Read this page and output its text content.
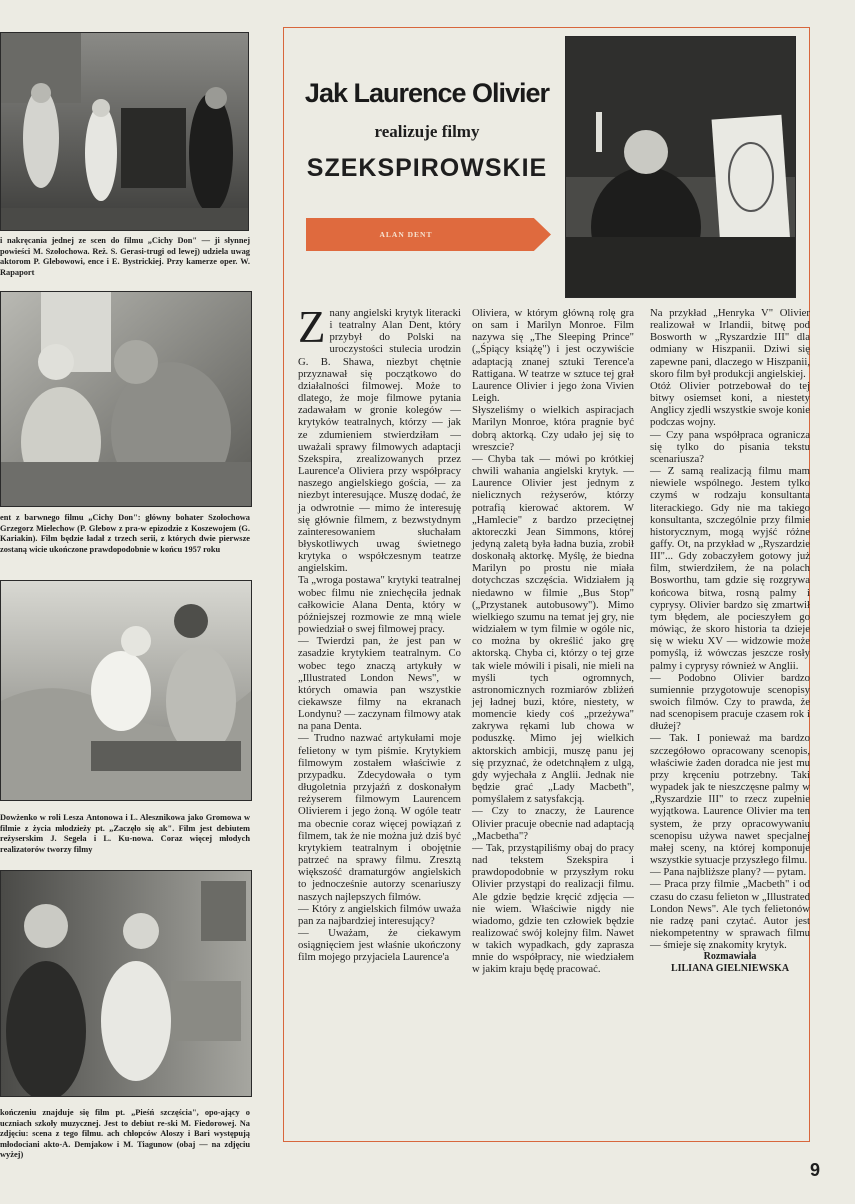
i nakręcania jednej ze scen do filmu „Cichy Don" — ji słynnej powieści M. Szołochowa. Reż. S. Gerasi-trugi od lewej) udziela uwag aktorom P. Glebowowi, ence i E. Bystrickiej. Przy kamerze oper. W. Rapaport

ent z barwnego filmu „Cichy Don": główny bohater Szołochowa Grzegorz Mielechow (P. Glebow z pra-w epizodzie z Koszewojem (G. Kariakin). Film będzie ładał z trzech serii, z których dwie pierwsze zostaną wicie ukończone prawdopodobnie w końcu 1957 roku

Dowżenko w roli Leszа Antonowa i L. Alesznikowa jako Gromowa w filmie z życia młodzieży pt. „Zaczęło się ak". Film jest debiutem reżyserskim J. Segela i L. Ku-nowa. Coraz więcej młodych realizatorów tworzy filmy

kończeniu znajduje się film pt. „Pieśń szczęścia", opo-ający o uczniach szkoły muzycznej. Jest to debiut re-ski M. Fiedorowej. Na zdjęciu: scena z tego filmu. ach chłopców Aloszy i Bari występują młodociani akto-A. Demjakow i M. Tiagunow (obaj — na zdjęciu wyżej)

Jak Laurence Olivier
realizuje filmy
SZEKSPIROWSKIE

ALAN DENT

Z nany angielski krytyk literacki i teatralny Alan Dent, który przybył do Polski na uroczystości stulecia urodzin G. B. Shawa, niezbyt chętnie przyznawał się początkowo do działalności filmowej. Może to dlatego, że moje filmowe pytania zadawałam w gronie kolegów — krytyków teatralnych, którzy — jak ze zdumieniem stwierdziłam — uważali sprawy filmowych adaptacji Szekspira, zrealizowanych przez Laurence'a Oliviera przy współpracy naszego angielskiego gościa, — za niezbyt interesujące. Muszę dodać, że ja odwrotnie — mimo że interesuję się głównie filmem, z bezwstydnym zainteresowaniem słuchałam błyskotliwych uwag świetnego krytyka o współczesnym teatrze angielskim.

Ta „wroga postawa" krytyki teatralnej wobec filmu nie zniechęciła jednak całkowicie Alana Denta, który w późniejszej rozmowie ze mną wiele powiedział o swej filmowej pracy.

— Twierdzi pan, że jest pan w zasadzie krytykiem teatralnym. Co wobec tego znaczą artykuły w „Illustrated London News", w których omawia pan wszystkie ciekawsze filmy na ekranach Londynu? — zaczynam filmowy atak na pana Denta.

— Trudno nazwać artykułami moje felietony w tym piśmie. Krytykiem filmowym zostałem właściwie z przypadku. Zdecydowała o tym długoletnia przyjaźń z doskonałym reżyserem filmowym Laurencem Olivierem i jego żoną. W ogóle teatr ma obecnie coraz więcej powiązań z filmem, tak że nie można już dziś być krytykiem teatralnym i obojętnie patrzeć na sprawy filmu. Zresztą większość dramaturgów angielskich to jednocześnie autorzy scenariuszy naszych najlepszych filmów.

— Który z angielskich filmów uważa pan za najbardziej interesujący?

— Uważam, że ciekawym osiągnięciem jest właśnie ukończony film mojego przyjaciela Laurence'a

Oliviera, w którym główną rolę gra on sam i Marilyn Monroe. Film nazywa się „The Sleeping Prince" („Śpiący książę") i jest oczywiście adaptacją znanej sztuki Terence'a Rattigana. W teatrze w sztuce tej grał Laurence Olivier i jego żona Vivien Leigh.

Słyszeliśmy o wielkich aspiracjach Marilyn Monroe, która pragnie być dobrą aktorką. Czy udało jej się to wreszcie?

— Chyba tak — mówi po krótkiej chwili wahania angielski krytyk. — Laurence Olivier jest jednym z nielicznych reżyserów, którzy potrafią kierować aktorem. W „Hamlecie" z bardzo przeciętnej aktoreczki Jean Simmons, której jedyną zaletą była ładna buzia, zrobił doskonałą aktorkę. Myślę, że biedna Marilyn po prostu nie miała dotychczas szczęścia. Widziałem ją niedawno w filmie „Bus Stop" („Przystanek autobusowy"). Mimo wielkiego szumu na temat jej gry, nie widziałem w tym filmie w ogóle nic, co można by określić jako grę aktorską. Chyba ci, którzy o tej grze tak wiele mówili i pisali, nie mieli na myśli tych ogromnych, astronomicznych rozmiarów zbliżeń jej ładnej buzi, które, niestety, w momencie kiedy coś „przeżywa" zakrywa rękami lub chowa w poduszkę. Mimo jej wielkich aktorskich ambicji, muszę panu jej się przyznać, że odetchnąłem z ulgą, gdy wyjechała z Anglii. Jednak nie będzie grać „Lady Macbeth", pomyślałem z satysfakcją.

— Czy to znaczy, że Laurence Olivier pracuje obecnie nad adaptacją „Macbetha"?

— Tak, przystąpiliśmy obaj do pracy nad tekstem Szekspira i prawdopodobnie w przyszłym roku Olivier przystąpi do realizacji filmu. Ale gdzie będzie kręcić zdjęcia — nie wiem. Właściwie nigdy nie wiadomo, gdzie ten człowiek będzie realizować swój kolejny film. Nawet w takich wypadkach, gdy zaprasza mnie do współpracy, nie wiedziałem w jakim kraju będę pracować.

Na przykład „Henryka V" Olivier realizował w Irlandii, bitwę pod Bosworth w „Ryszardzie III" dla odmiany w Hiszpanii. Dziwi się zapewne pani, dlaczego w Hiszpanii, skoro film był produkcji angielskiej.

Otóż Olivier potrzebował do tej bitwy osiemset koni, a niestety Anglicy zjedli wszystkie swoje konie podczas wojny.

— Czy pana współpraca ogranicza się tylko do pisania tekstu scenariusza?

— Z samą realizacją filmu mam niewiele wspólnego. Jestem tylko czymś w rodzaju konsultanta literackiego. Gdy nie ma takiego konsultanta, szczególnie przy filmie historycznym, mogą wyjść różne gaffy. Ot, na przykład w „Ryszardzie III"... Gdy zobaczyłem gotowy już film, stwierdziłem, że na polach Bosworthu, tam gdzie się rozgrywa końcowa bitwa, rosną palmy i cyprysy. Olivier bardzo się zmartwił tym błędem, ale pocieszyłem go mówiąc, że skoro historia ta dzieje się w wieku XV — widzowie może pomyślą, iż wówczas jeszcze rosły palmy i cyprysy również w Anglii.

— Podobno Olivier bardzo sumiennie przygotowuje scenopisy swoich filmów. Czy to prawda, że nad scenopisem pracuje czasem rok i dłużej?

— Tak. I ponieważ ma bardzo szczegółowo opracowany scenopis, właściwie żaden doradca nie jest mu przy kręceniu potrzebny. Taki wypadek jak te nieszczęsne palmy w „Ryszardzie III" to rzecz zupełnie wyjątkowa. Laurence Olivier ma ten system, że przy opracowywaniu scenopisu używa nawet specjalnej małej sceny, na której komponuje wszystkie sytuacje przyszłego filmu.

— Pana najbliższe plany? — pytam.

— Praca przy filmie „Macbeth" i od czasu do czasu felieton w „Illustrated London News". Ale tych felietonów nie radzę pani czytać. Autor jest niekompetentny w sprawach filmu — śmieje się znakomity krytyk.

Rozmawiała

LILIANA GIELNIEWSKA

9
